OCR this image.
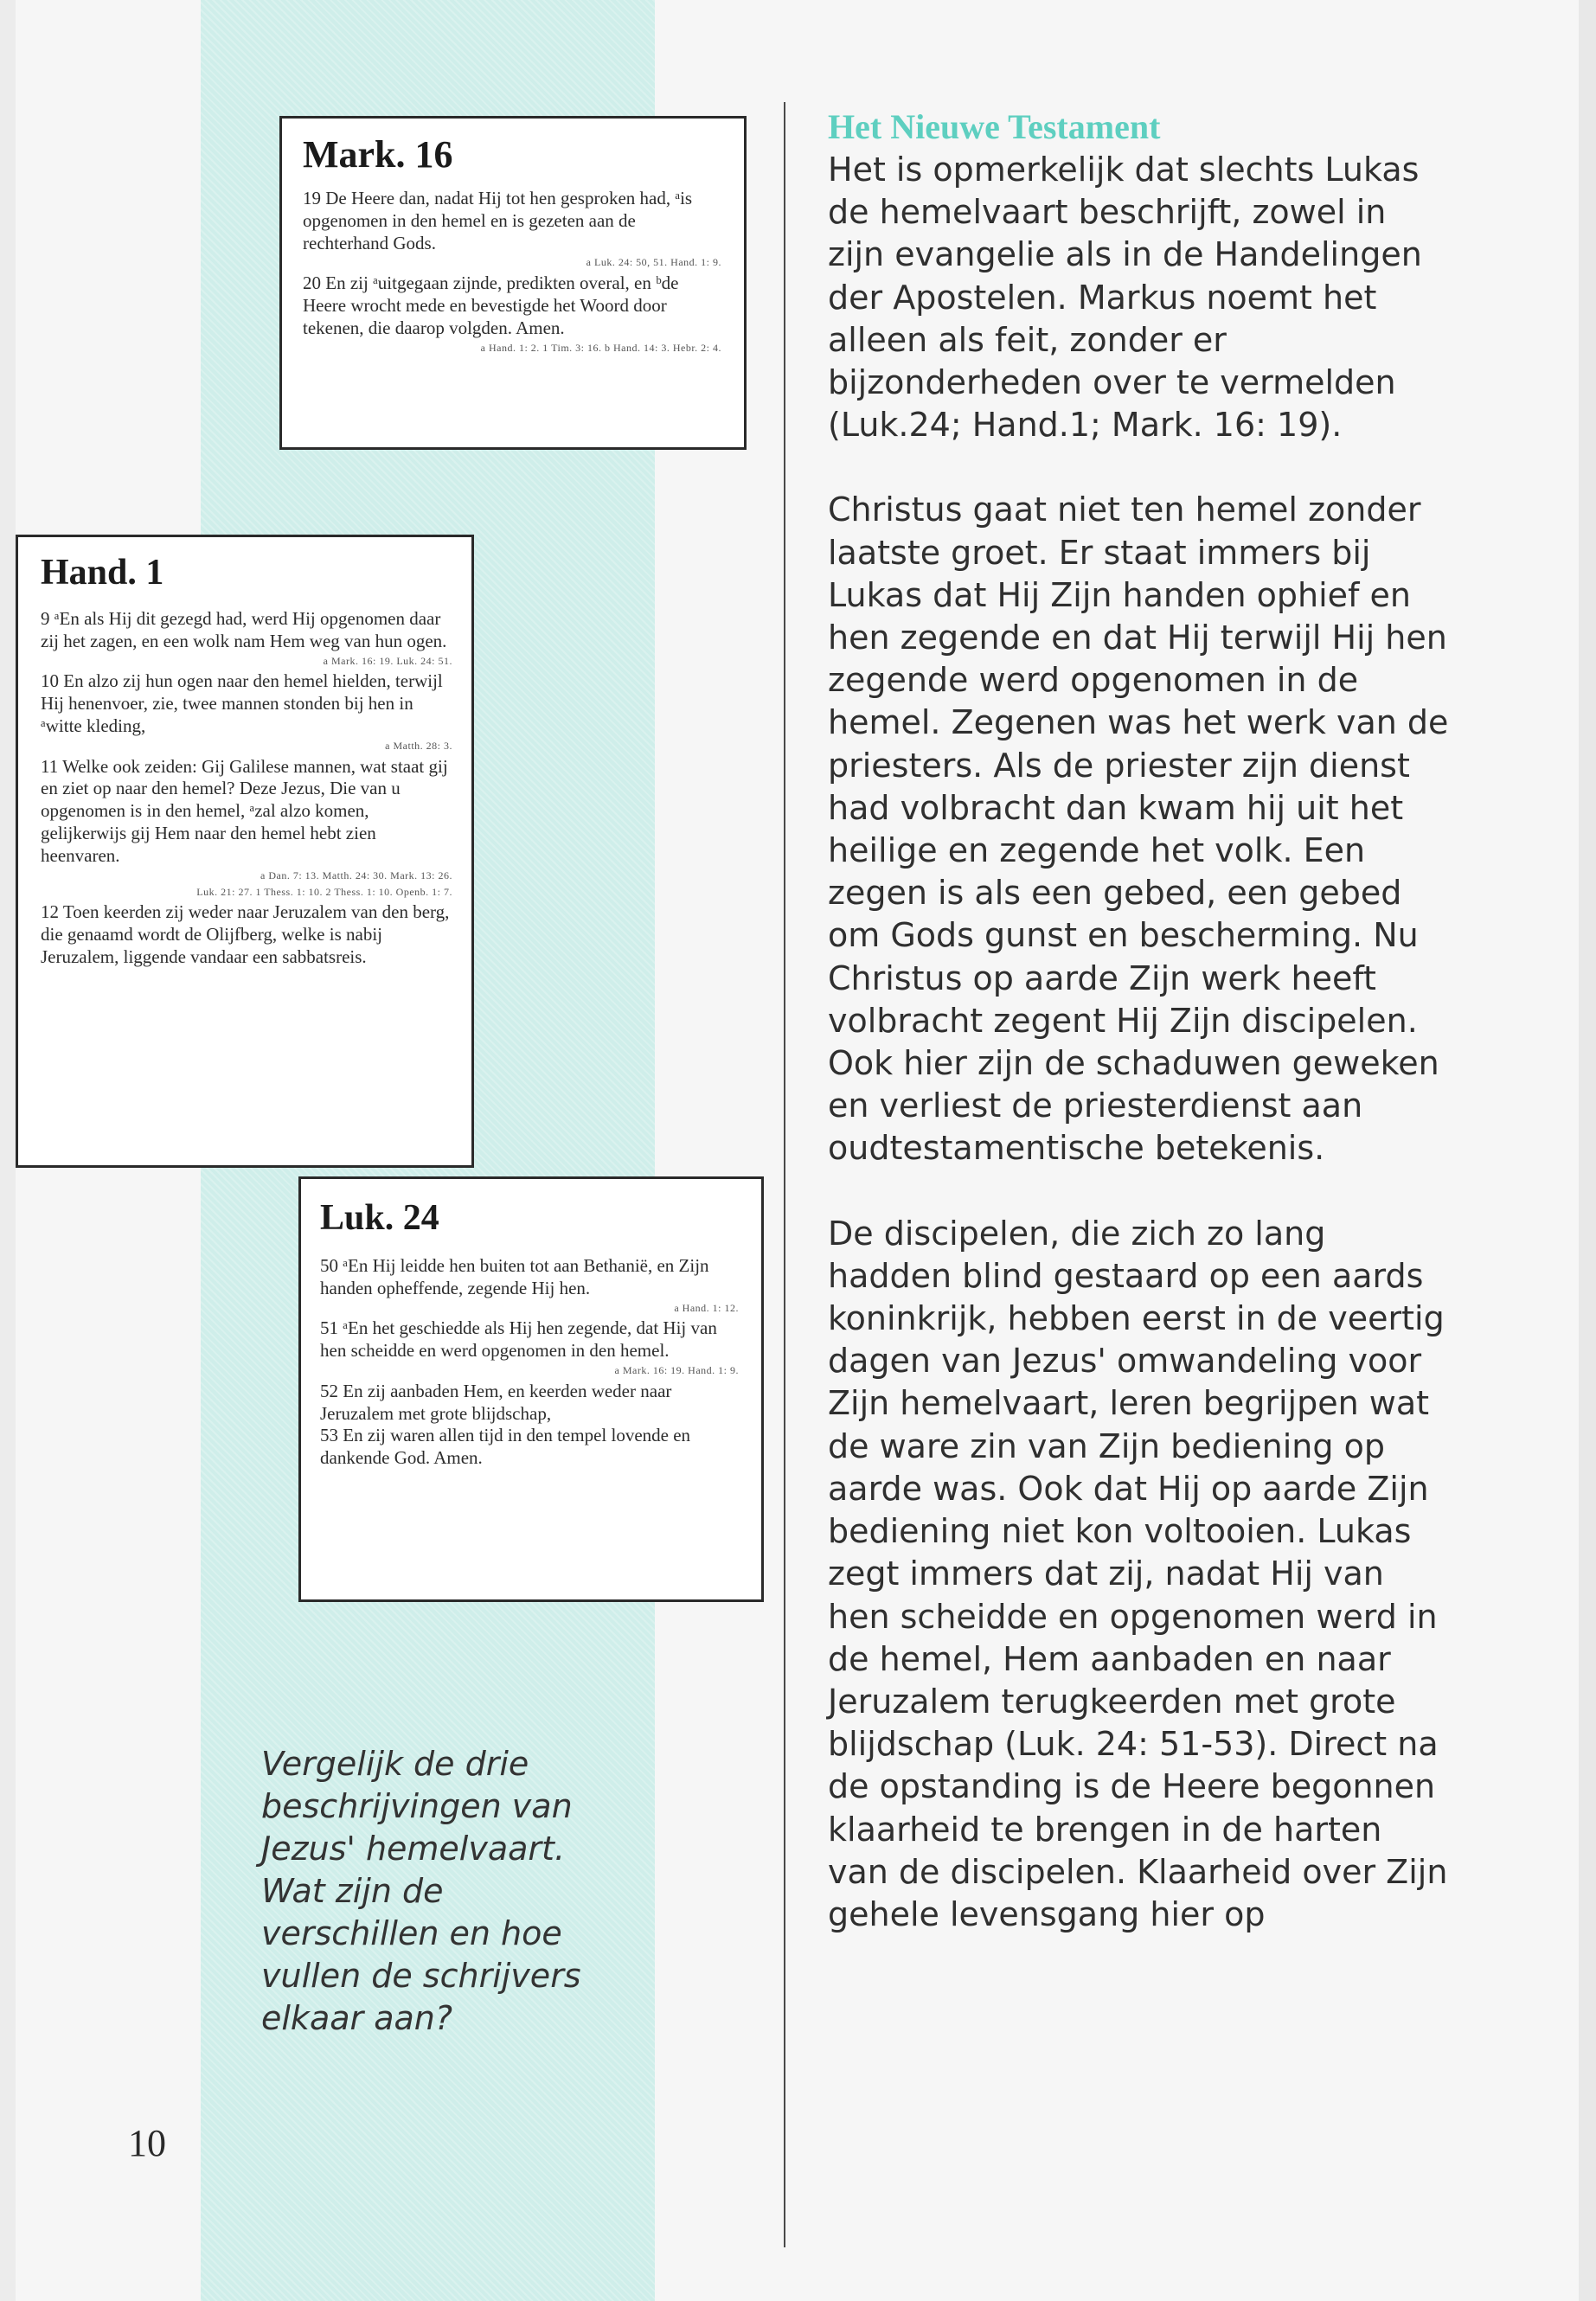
Mark. 16

19 De Heere dan, nadat Hij tot hen gesproken had, ᵃis opgenomen in den hemel en is gezeten aan de rechterhand Gods.

a Luk. 24: 50, 51. Hand. 1: 9.

20 En zij ᵃuitgegaan zijnde, predikten overal, en ᵇde Heere wrocht mede en bevestigde het Woord door tekenen, die daarop volgden. Amen.

a Hand. 1: 2. 1 Tim. 3: 16. b Hand. 14: 3. Hebr. 2: 4.
Hand. 1

9 ᵃEn als Hij dit gezegd had, werd Hij opgenomen daar zij het zagen, en een wolk nam Hem weg van hun ogen.

a Mark. 16: 19. Luk. 24: 51.

10 En alzo zij hun ogen naar den hemel hielden, terwijl Hij henenvoer, zie, twee mannen stonden bij hen in ᵃwitte kleding,

a Matth. 28: 3.

11 Welke ook zeiden: Gij Galilese mannen, wat staat gij en ziet op naar den hemel? Deze Jezus, Die van u opgenomen is in den hemel, ᵃzal alzo komen, gelijkerwijs gij Hem naar den hemel hebt zien heenvaren.

a Dan. 7: 13. Matth. 24: 30. Mark. 13: 26.
Luk. 21: 27. 1 Thess. 1: 10. 2 Thess. 1: 10. Openb. 1: 7.

12 Toen keerden zij weder naar Jeruzalem van den berg, die genaamd wordt de Olijfberg, welke is nabij Jeruzalem, liggende vandaar een sabbatsreis.

Luk. 24

50 ᵃEn Hij leidde hen buiten tot aan Bethanië, en Zijn handen opheffende, zegende Hij hen.

a Hand. 1: 12.

51 ᵃEn het geschiedde als Hij hen zegende, dat Hij van hen scheidde en werd opgenomen in den hemel.

a Mark. 16: 19. Hand. 1: 9.

52 En zij aanbaden Hem, en keerden weder naar Jeruzalem met grote blijdschap,

53 En zij waren allen tijd in den tempel lovende en dankende God. Amen.

Vergelijk de drie beschrijvingen van Jezus' hemelvaart. Wat zijn de verschillen en hoe vullen de schrijvers elkaar aan?

Het Nieuwe Testament

Het is opmerkelijk dat slechts Lukas de hemelvaart beschrijft, zowel in zijn evangelie als in de Handelingen der Apostelen. Markus noemt het alleen als feit, zonder er bijzonderheden over te vermelden (Luk.24; Hand.1; Mark. 16: 19).

Christus gaat niet ten hemel zonder laatste groet. Er staat immers bij Lukas dat Hij Zijn handen ophief en hen zegende en dat Hij terwijl Hij hen zegende werd opgenomen in de hemel. Zegenen was het werk van de priesters. Als de priester zijn dienst had volbracht dan kwam hij uit het heilige en zegende het volk. Een zegen is als een gebed, een gebed om Gods gunst en bescherming. Nu Christus op aarde Zijn werk heeft volbracht zegent Hij Zijn discipelen. Ook hier zijn de schaduwen geweken en verliest de priesterdienst aan oudtestamentische betekenis.

De discipelen, die zich zo lang hadden blind gestaard op een aards koninkrijk, hebben eerst in de veertig dagen van Jezus' omwandeling voor Zijn hemelvaart, leren begrijpen wat de ware zin van Zijn bediening op aarde was. Ook dat Hij op aarde Zijn bediening niet kon voltooien. Lukas zegt immers dat zij, nadat Hij van hen scheidde en opgenomen werd in de hemel, Hem aanbaden en naar Jeruzalem terugkeerden met grote blijdschap (Luk. 24: 51-53). Direct na de opstanding is de Heere begonnen klaarheid te brengen in de harten van de discipelen. Klaarheid over Zijn gehele levensgang hier op

10
